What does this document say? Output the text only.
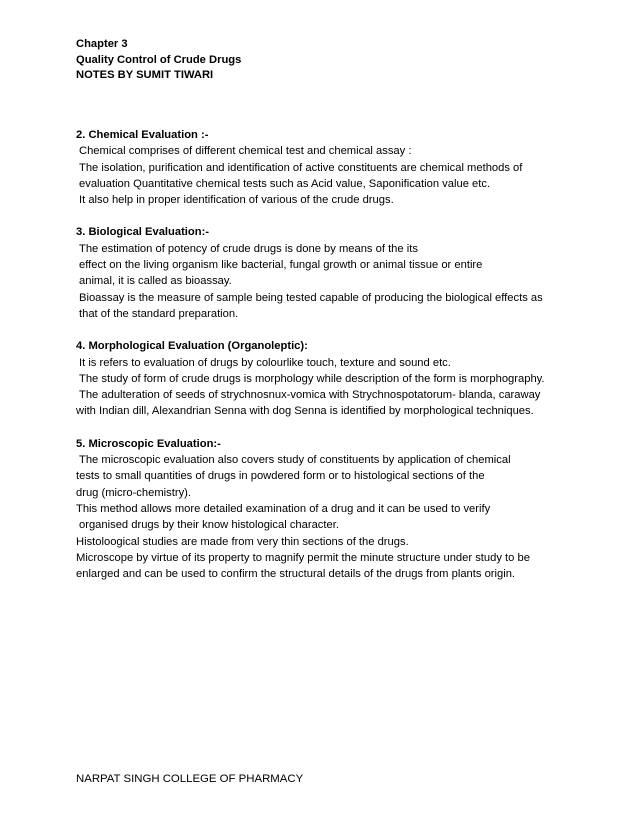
Chapter 3
Quality Control of Crude Drugs
NOTES BY SUMIT TIWARI
2. Chemical Evaluation :-
Chemical comprises of different chemical test and chemical assay :
The isolation, purification and identification of active constituents are chemical methods of
evaluation Quantitative chemical tests such as Acid value, Saponification value etc.
It also help in proper identification of various of the crude drugs.
3. Biological Evaluation:-
The estimation of potency of crude drugs is done by means of the its
effect on the living organism like bacterial, fungal growth or animal tissue or entire
animal, it is called as bioassay.
Bioassay is the measure of sample being tested capable of producing the biological effects as
that of the standard preparation.
4. Morphological Evaluation (Organoleptic):
It is refers to evaluation of drugs by colourlike touch, texture and sound etc.
The study of form of crude drugs is morphology while description of the form is morphography.
The adulteration of seeds of strychnosnux-vomica with Strychnospotatorum- blanda, caraway
with Indian dill, Alexandrian Senna with dog Senna is identified by morphological techniques.
5. Microscopic Evaluation:-
The microscopic evaluation also covers study of constituents by application of chemical
tests to small quantities of drugs in powdered form or to histological sections of the
drug (micro-chemistry).
This method allows more detailed examination of a drug and it can be used to verify
organised drugs by their know histological character.
Histoloogical studies are made from very thin sections of the drugs.
Microscope by virtue of its property to magnify permit the minute structure under study to be
enlarged and can be used to confirm the structural details of the drugs from plants origin.
NARPAT SINGH COLLEGE OF PHARMACY
